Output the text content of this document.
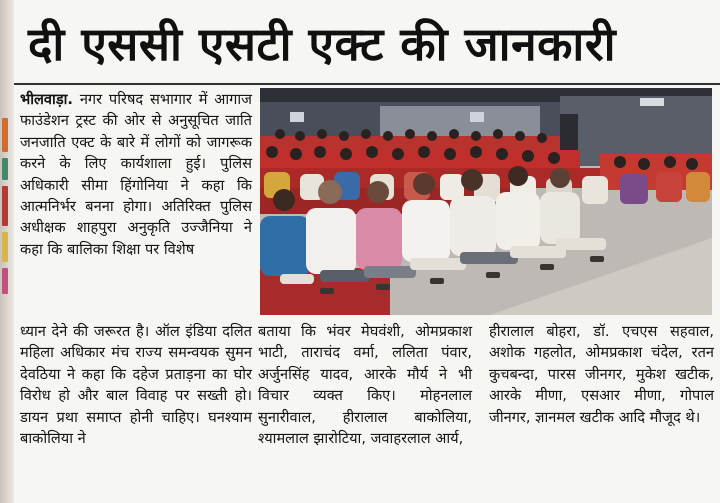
दी एससी एसटी एक्ट की जानकारी
भीलवाड़ा. नगर परिषद सभागार में आगाज फाउंडेशन ट्रस्ट की ओर से अनुसूचित जाति जनजाति एक्ट के बारे में लोगों को जागरूक करने के लिए कार्यशाला हुई। पुलिस अधिकारी सीमा हिंगोनिया ने कहा कि आत्मनिर्भर बनना होगा। अतिरिक्त पुलिस अधीक्षक शाहपुरा अनुकृति उज्जैनिया ने कहा कि बालिका शिक्षा पर विशेष
ध्यान देने की जरूरत है। ऑल इंडिया दलित महिला अधिकार मंच राज्य समन्वयक सुमन देवठिया ने कहा कि दहेज प्रताड़ना का घोर विरोध हो और बाल विवाह पर सख्ती हो। डायन प्रथा समाप्त होनी चाहिए। घनश्याम बाकोलिया ने
बताया कि भंवर मेघवंशी, ओमप्रकाश भाटी, ताराचंद वर्मा, ललिता पंवार, अर्जुनसिंह यादव, आरके मौर्य ने भी विचार व्यक्त किए। मोहनलाल सुनारीवाल, हीरालाल बाकोलिया, श्यामलाल झारोटिया, जवाहरलाल आर्य,
हीरालाल बोहरा, डॉ. एचएस सहवाल, अशोक गहलोत, ओमप्रकाश चंदेल, रतन कुचबन्दा, पारस जीनगर, मुकेश खटीक, आरके मीणा, एसआर मीणा, गोपाल जीनगर, ज्ञानमल खटीक आदि मौजूद थे।
